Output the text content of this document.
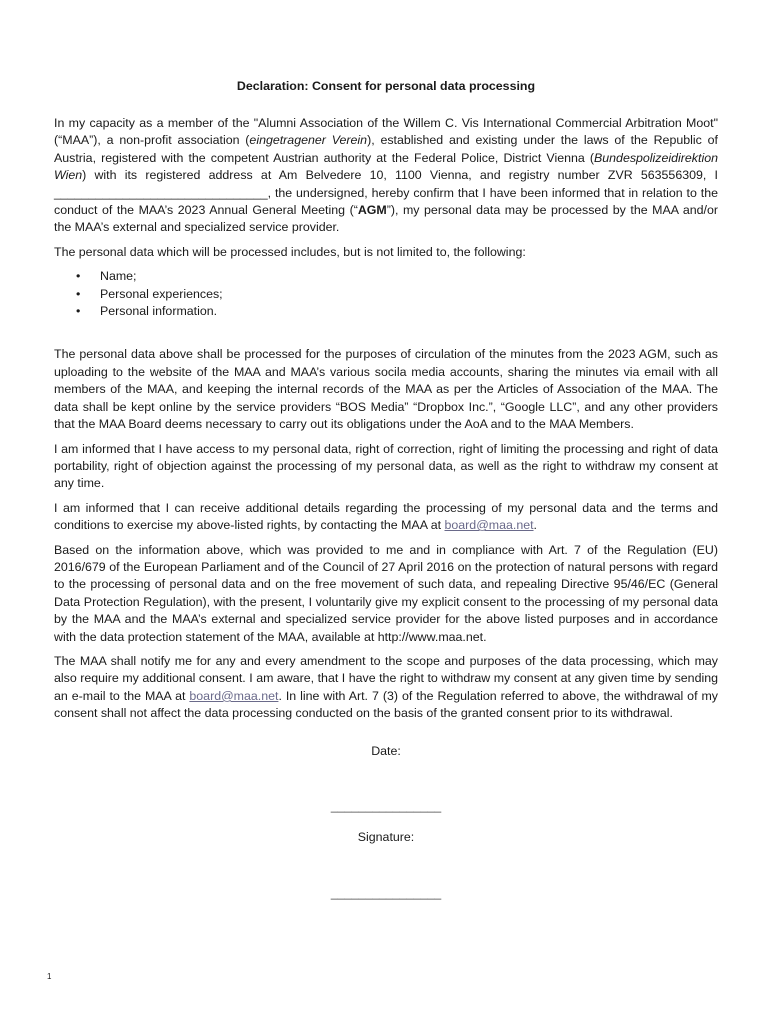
Declaration: Consent for personal data processing

In my capacity as a member of the "Alumni Association of the Willem C. Vis International Commercial Arbitration Moot" (“MAA”), a non-profit association (eingetragener Verein), established and existing under the laws of the Republic of Austria, registered with the competent Austrian authority at the Federal Police, District Vienna (Bundespolizeidirektion Wien) with its registered address at Am Belvedere 10, 1100 Vienna, and registry number ZVR 563556309, I _______________________________, the undersigned, hereby confirm that I have been informed that in relation to the conduct of the MAA’s 2023 Annual General Meeting (“AGM”), my personal data may be processed by the MAA and/or the MAA’s external and specialized service provider.

The personal data which will be processed includes, but is not limited to, the following:

• Name;
• Personal experiences;
• Personal information.

The personal data above shall be processed for the purposes of circulation of the minutes from the 2023 AGM, such as uploading to the website of the MAA and MAA’s various socila media accounts, sharing the minutes via email with all members of the MAA, and keeping the internal records of the MAA as per the Articles of Association of the MAA. The data shall be kept online by the service providers “BOS Media” “Dropbox Inc.”, “Google LLC”, and any other providers that the MAA Board deems necessary to carry out its obligations under the AoA and to the MAA Members.

I am informed that I have access to my personal data, right of correction, right of limiting the processing and right of data portability, right of objection against the processing of my personal data, as well as the right to withdraw my consent at any time.

I am informed that I can receive additional details regarding the processing of my personal data and the terms and conditions to exercise my above-listed rights, by contacting the MAA at board@maa.net.

Based on the information above, which was provided to me and in compliance with Art. 7 of the Regulation (EU) 2016/679 of the European Parliament and of the Council of 27 April 2016 on the protection of natural persons with regard to the processing of personal data and on the free movement of such data, and repealing Directive 95/46/EC (General Data Protection Regulation), with the present, I voluntarily give my explicit consent to the processing of my personal data by the MAA and the MAA’s external and specialized service provider for the above listed purposes and in accordance with the data protection statement of the MAA, available at http://www.maa.net.

The MAA shall notify me for any and every amendment to the scope and purposes of the data processing, which may also require my additional consent. I am aware, that I have the right to withdraw my consent at any given time by sending an e-mail to the MAA at board@maa.net. In line with Art. 7 (3) of the Regulation referred to above, the withdrawal of my consent shall not affect the data processing conducted on the basis of the granted consent prior to its withdrawal.

Date:
________________
Signature:
________________
1
